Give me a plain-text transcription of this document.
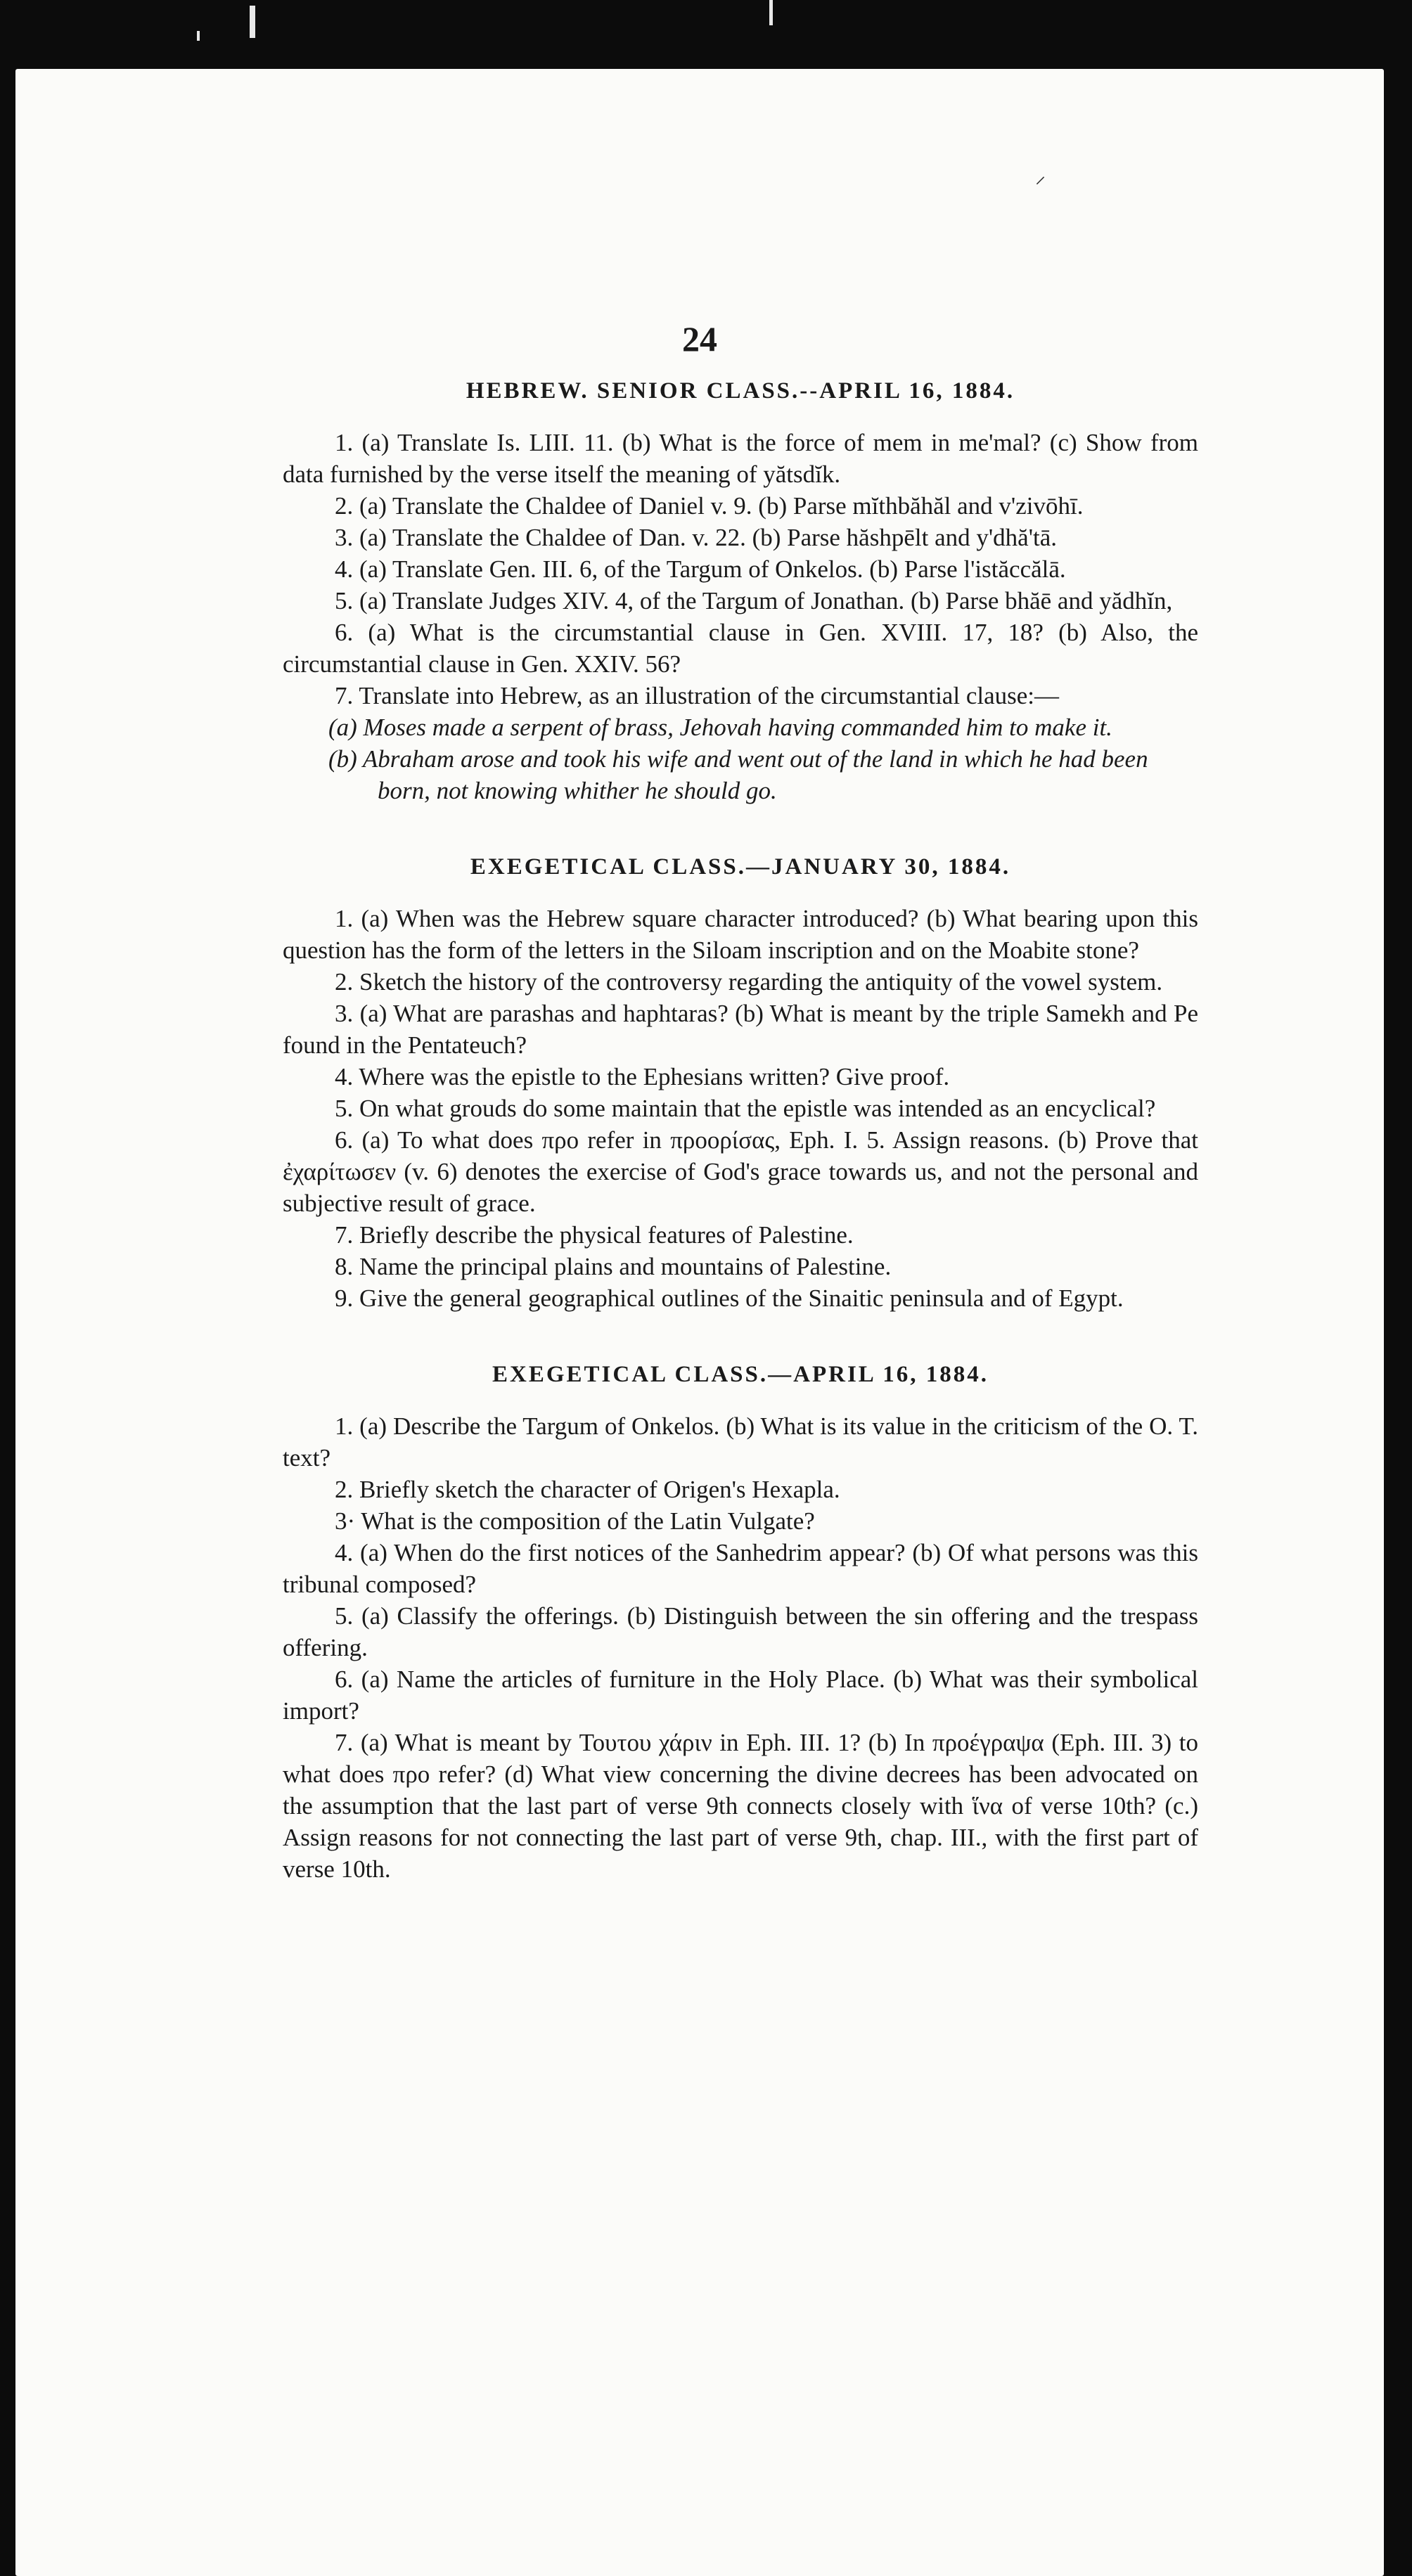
⸝
24
HEBREW. SENIOR CLASS.--APRIL 16, 1884.

1. (a) Translate Is. LIII. 11. (b) What is the force of mem in me'mal? (c) Show from data furnished by the verse itself the meaning of yătsdĭk.

2. (a) Translate the Chaldee of Daniel v. 9. (b) Parse mĭthbăhăl and v'zivōhī.

3. (a) Translate the Chaldee of Dan. v. 22. (b) Parse hăshpēlt and y'dhă'tā.

4. (a) Translate Gen. III. 6, of the Targum of Onkelos. (b) Parse l'istăccălā.

5. (a) Translate Judges XIV. 4, of the Targum of Jonathan. (b) Parse bhăē and yădhĭn,

6. (a) What is the circumstantial clause in Gen. XVIII. 17, 18? (b) Also, the circumstantial clause in Gen. XXIV. 56?

7. Translate into Hebrew, as an illustration of the circumstantial clause:—

(a) Moses made a serpent of brass, Jehovah having commanded him to make it.

(b) Abraham arose and took his wife and went out of the land in which he had been born, not knowing whither he should go.

EXEGETICAL CLASS.—JANUARY 30, 1884.

1. (a) When was the Hebrew square character introduced? (b) What bearing upon this question has the form of the letters in the Siloam inscription and on the Moabite stone?

2. Sketch the history of the controversy regarding the antiquity of the vowel system.

3. (a) What are parashas and haphtaras? (b) What is meant by the triple Samekh and Pe found in the Pentateuch?

4. Where was the epistle to the Ephesians written? Give proof.

5. On what grouds do some maintain that the epistle was intended as an encyclical?

6. (a) To what does προ refer in προορίσας, Eph. I. 5. Assign reasons. (b) Prove that ἐχαρίτωσεν (v. 6) denotes the exercise of God's grace towards us, and not the personal and subjective result of grace.

7. Briefly describe the physical features of Palestine.

8. Name the principal plains and mountains of Palestine.

9. Give the general geographical outlines of the Sinaitic peninsula and of Egypt.

EXEGETICAL CLASS.—APRIL 16, 1884.

1. (a) Describe the Targum of Onkelos. (b) What is its value in the criticism of the O. T. text?

2. Briefly sketch the character of Origen's Hexapla.

3· What is the composition of the Latin Vulgate?

4. (a) When do the first notices of the Sanhedrim appear? (b) Of what persons was this tribunal composed?

5. (a) Classify the offerings. (b) Distinguish between the sin offering and the trespass offering.

6. (a) Name the articles of furniture in the Holy Place. (b) What was their symbolical import?

7. (a) What is meant by Τουτου χάριν in Eph. III. 1? (b) In προέγραψα (Eph. III. 3) to what does προ refer? (d) What view concerning the divine decrees has been advocated on the assumption that the last part of verse 9th connects closely with ἵνα of verse 10th? (c.) Assign reasons for not connecting the last part of verse 9th, chap. III., with the first part of verse 10th.
